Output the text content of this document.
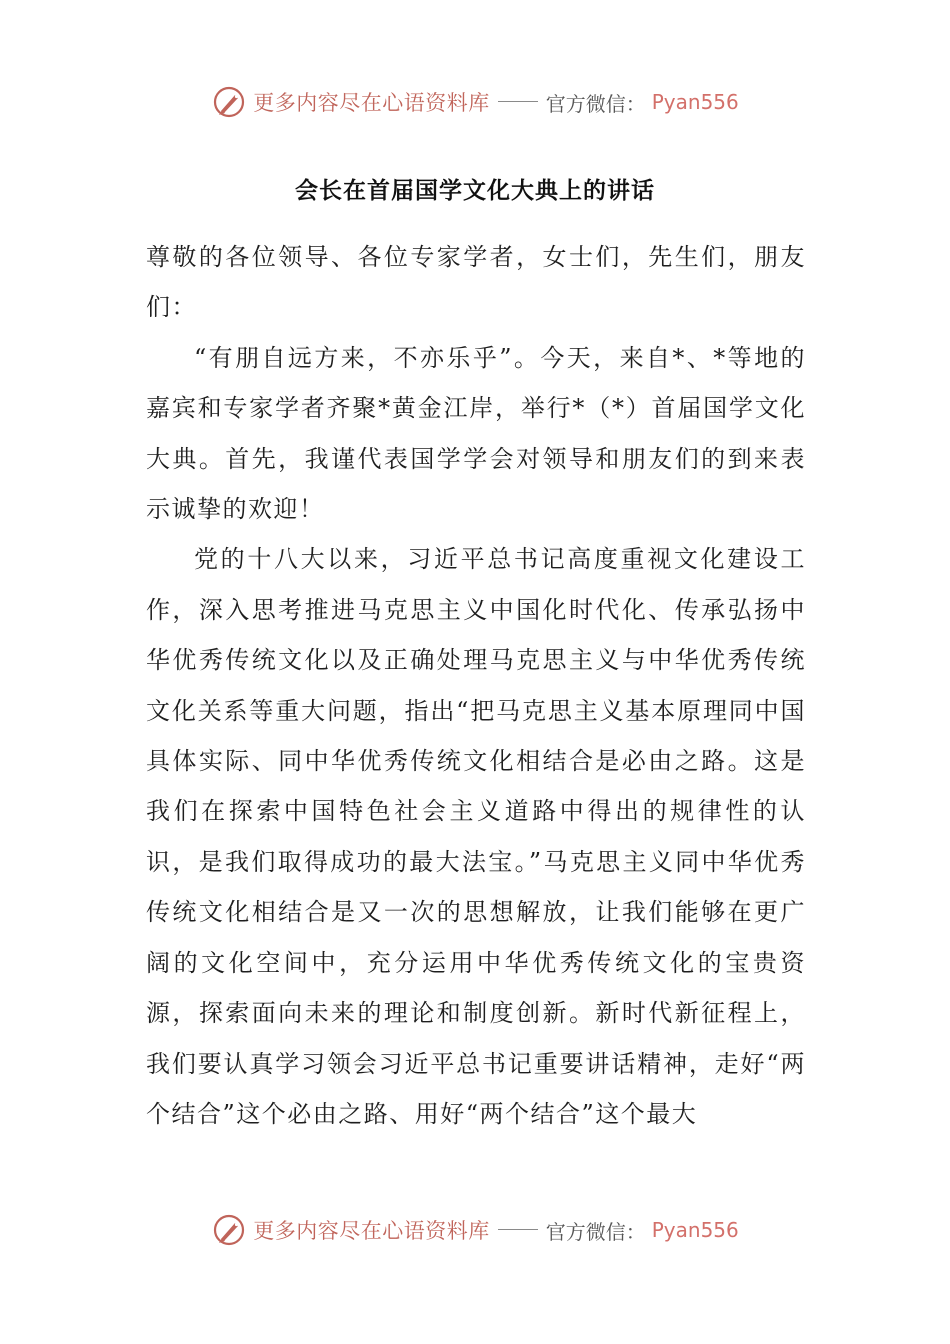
更多内容尽在心语资料库	官方微信： Pyan556
会长在首届国学文化大典上的讲话

尊敬的各位领导、各位专家学者，女士们，先生们，朋友们：

“有朋自远方来，不亦乐乎”。今天，来自*、*等地的嘉宾和专家学者齐聚*黄金江岸，举行*（*）首届国学文化大典。首先，我谨代表国学学会对领导和朋友们的到来表示诚挚的欢迎！

党的十八大以来，习近平总书记高度重视文化建设工作，深入思考推进马克思主义中国化时代化、传承弘扬中华优秀传统文化以及正确处理马克思主义与中华优秀传统文化关系等重大问题，指出“把马克思主义基本原理同中国具体实际、同中华优秀传统文化相结合是必由之路。这是我们在探索中国特色社会主义道路中得出的规律性的认识，是我们取得成功的最大法宝。”马克思主义同中华优秀传统文化相结合是又一次的思想解放，让我们能够在更广阔的文化空间中，充分运用中华优秀传统文化的宝贵资源，探索面向未来的理论和制度创新。新时代新征程上，我们要认真学习领会习近平总书记重要讲话精神，走好“两个结合”这个必由之路、用好“两个结合”这个最大

更多内容尽在心语资料库	官方微信： Pyan556
